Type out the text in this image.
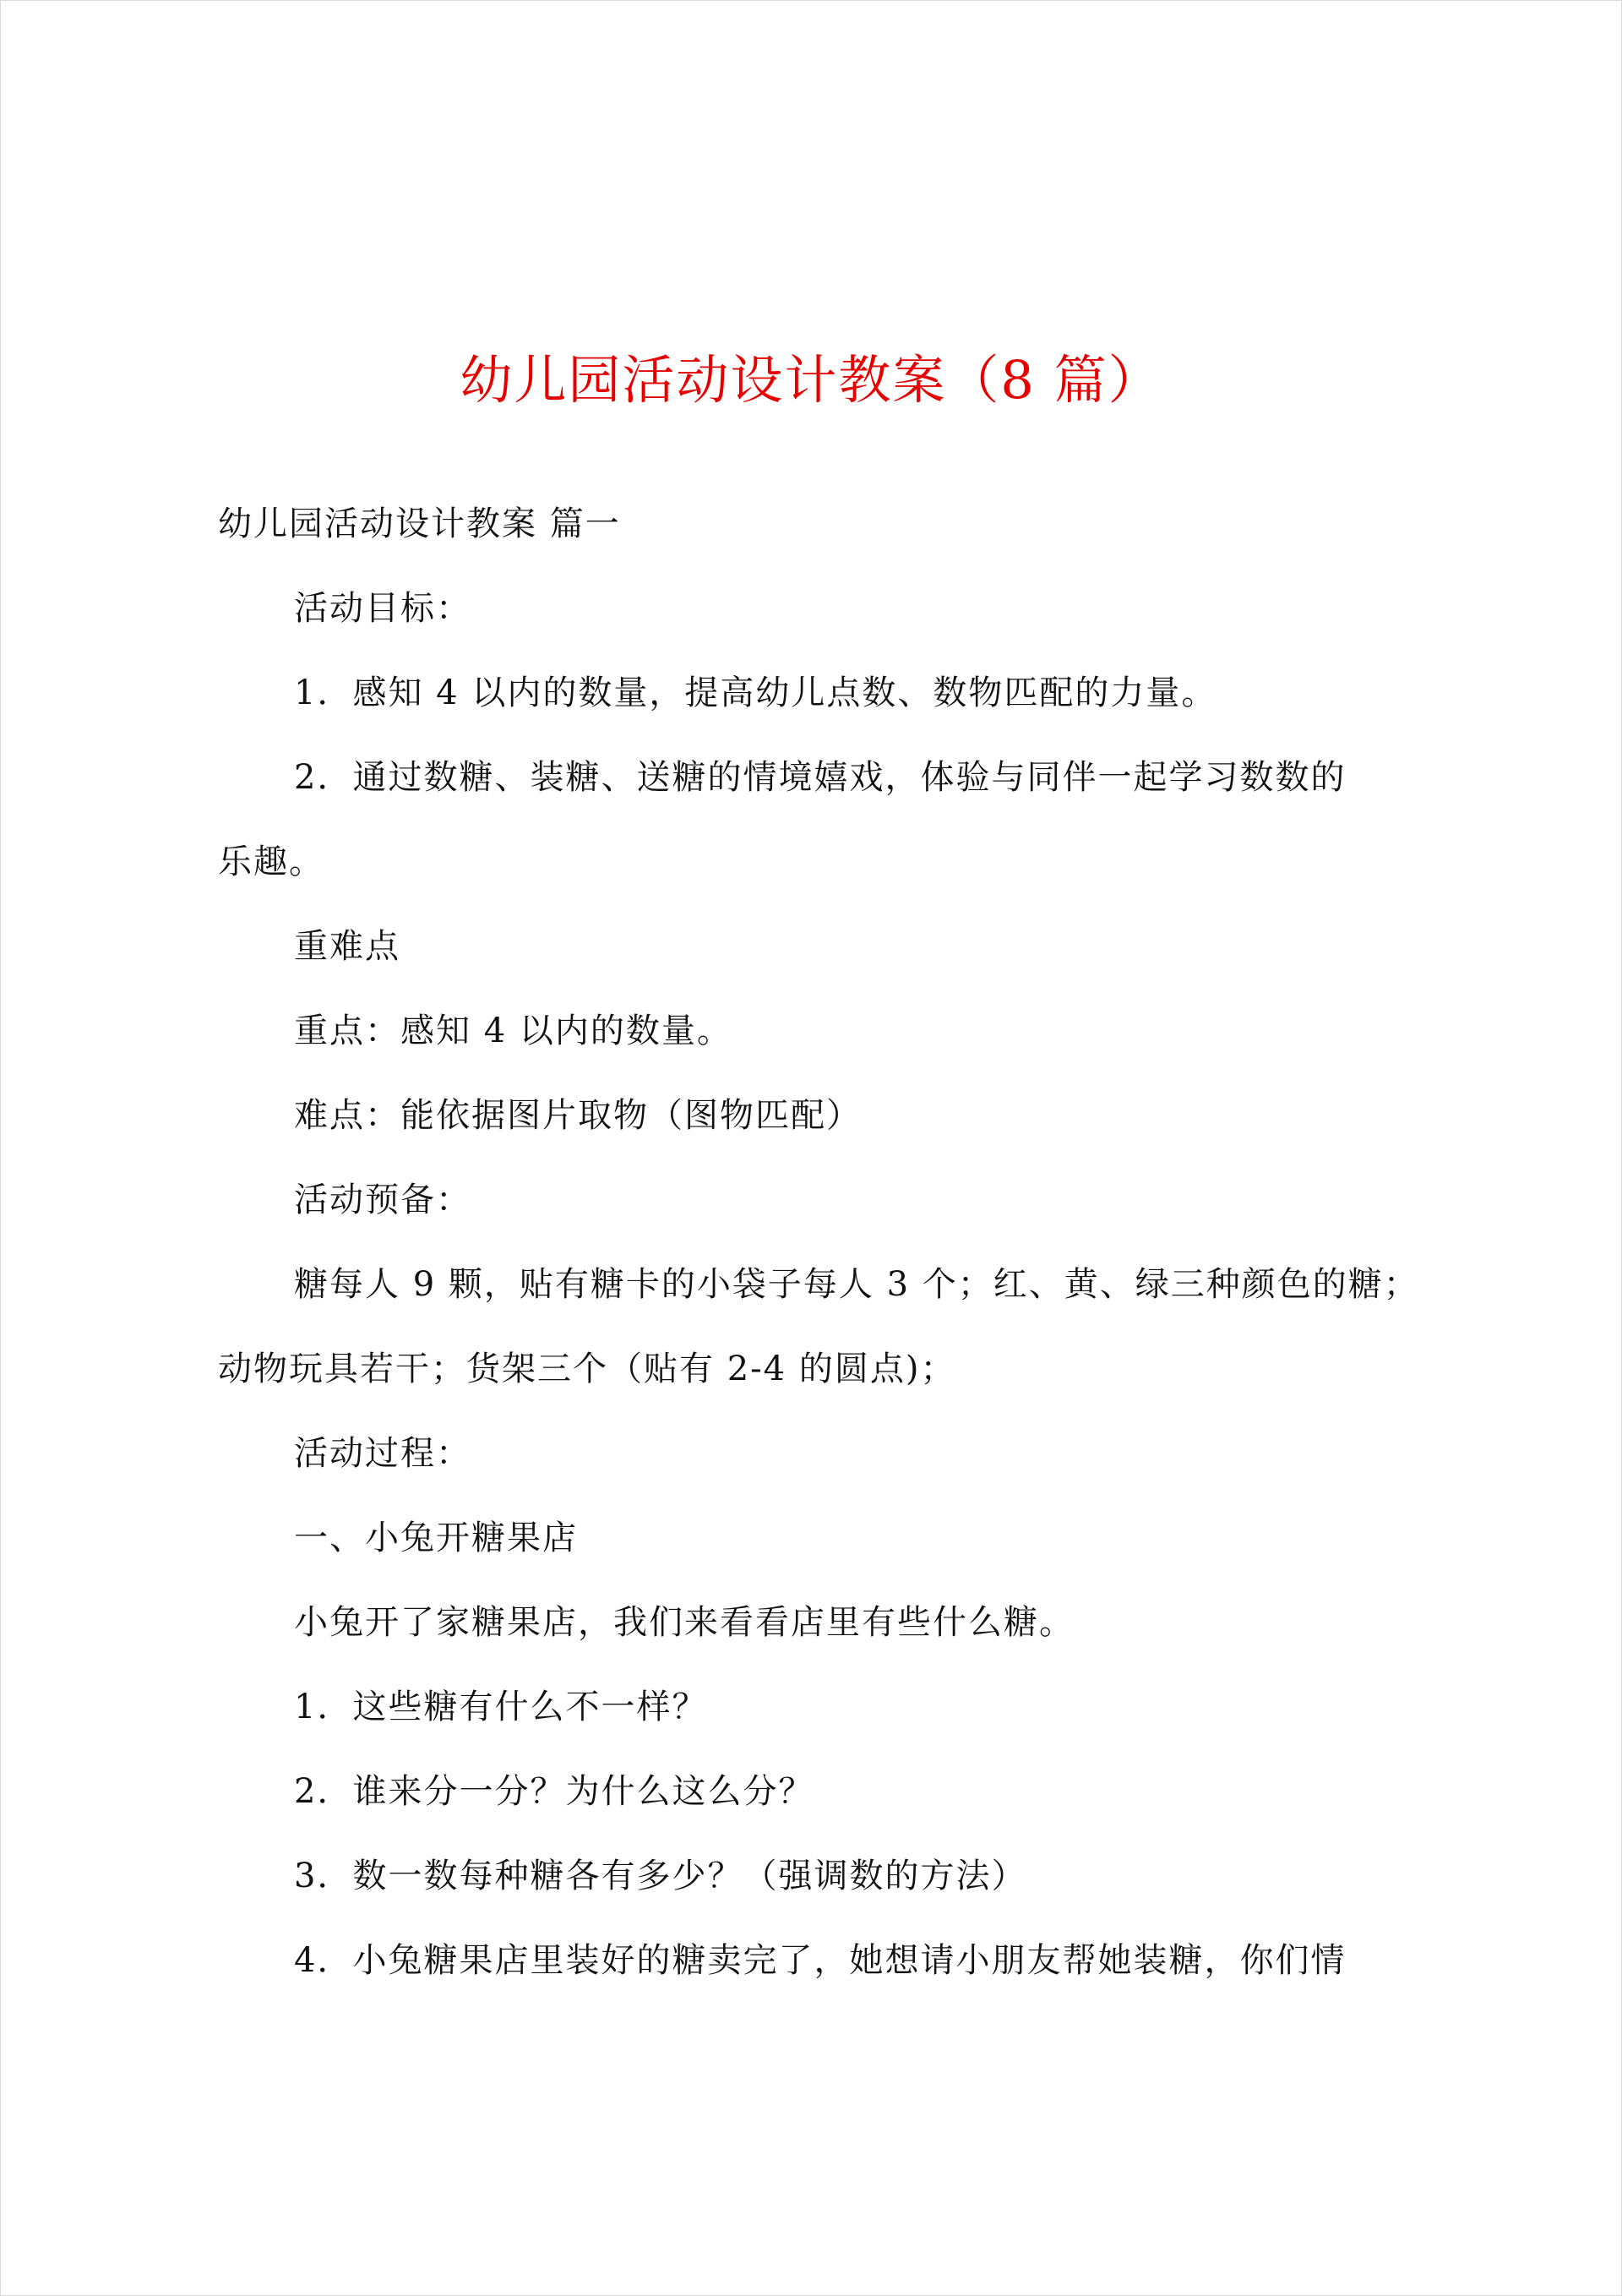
幼儿园活动设计教案（8 篇）

幼儿园活动设计教案 篇一

活动目标：

1．感知 4 以内的数量，提高幼儿点数、数物匹配的力量。

2．通过数糖、装糖、送糖的情境嬉戏，体验与同伴一起学习数数的

乐趣。

重难点

重点：感知 4 以内的数量。

难点：能依据图片取物（图物匹配）

活动预备：

糖每人 9 颗，贴有糖卡的小袋子每人 3 个；红、黄、绿三种颜色的糖；

动物玩具若干；货架三个（贴有 2-4 的圆点)；

活动过程：

一、小兔开糖果店

小兔开了家糖果店，我们来看看店里有些什么糖。

1．这些糖有什么不一样？

2．谁来分一分？为什么这么分？

3．数一数每种糖各有多少？（强调数的方法）

4．小兔糖果店里装好的糖卖完了，她想请小朋友帮她装糖，你们情
